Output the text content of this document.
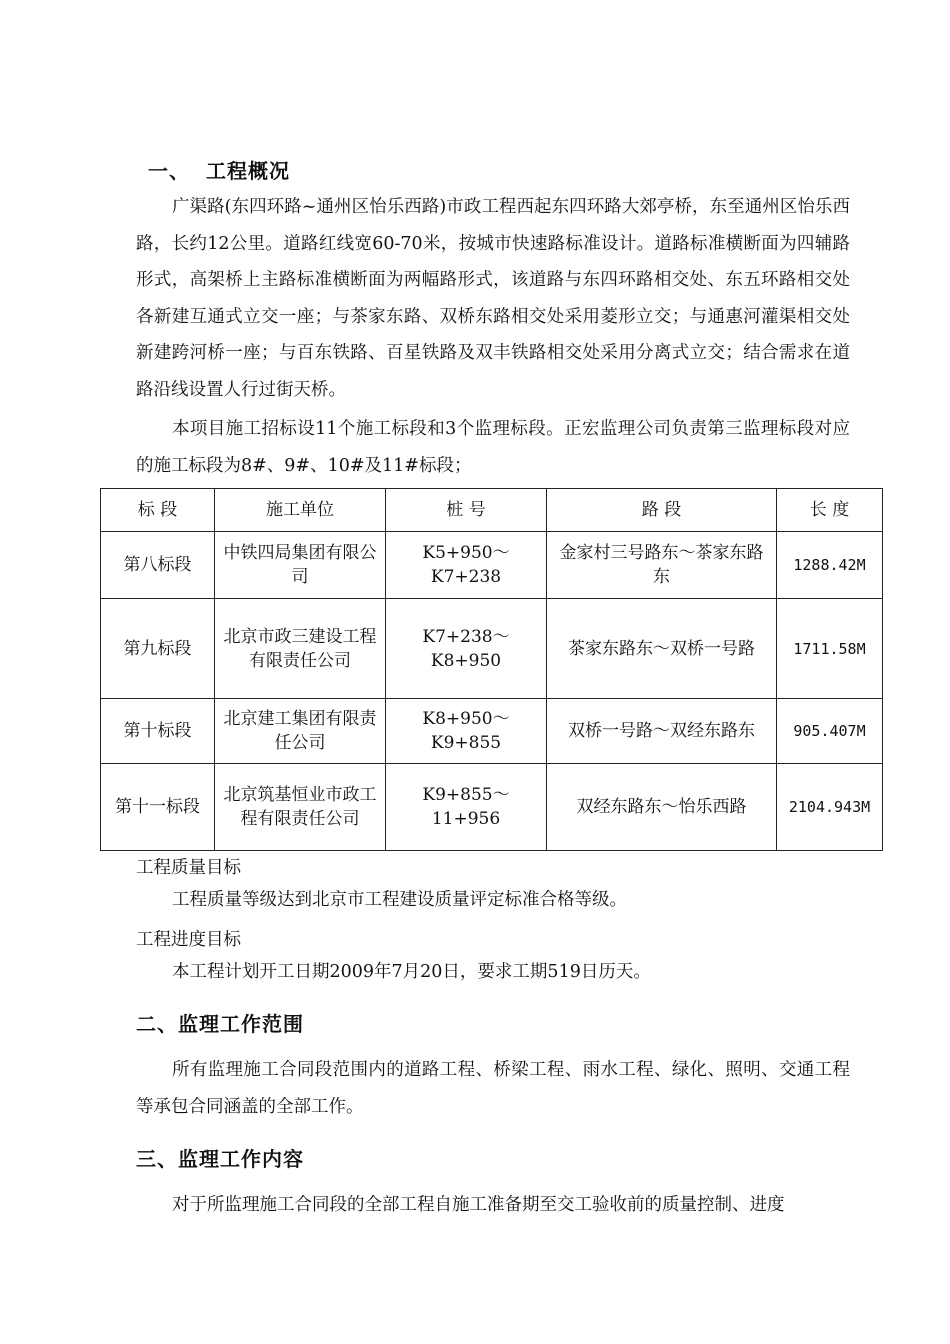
一、 工程概况
广渠路(东四环路~通州区怡乐西路)市政工程西起东四环路大郊亭桥，东至通州区怡乐西路，长约12公里。道路红线宽60-70米，按城市快速路标准设计。道路标准横断面为四辅路形式，高架桥上主路标准横断面为两幅路形式，该道路与东四环路相交处、东五环路相交处各新建互通式立交一座；与茶家东路、双桥东路相交处采用菱形立交；与通惠河灌渠相交处新建跨河桥一座；与百东铁路、百星铁路及双丰铁路相交处采用分离式立交；结合需求在道路沿线设置人行过街天桥。
本项目施工招标设11个施工标段和3个监理标段。正宏监理公司负责第三监理标段对应的施工标段为8#、9#、10#及11#标段；
标 段	施工单位	桩 号	路 段	长 度
第八标段	中铁四局集团有限公司	K5+950～K7+238	金家村三号路东～茶家东路东	1288.42M
第九标段	北京市政三建设工程有限责任公司	K7+238～K8+950	茶家东路东～双桥一号路	1711.58M
第十标段	北京建工集团有限责任公司	K8+950～K9+855	双桥一号路～双经东路东	905.407M
第十一标段	北京筑基恒业市政工程有限责任公司	K9+855～11+956	双经东路东～怡乐西路	2104.943M
工程质量目标
工程质量等级达到北京市工程建设质量评定标准合格等级。
工程进度目标
本工程计划开工日期2009年7月20日，要求工期519日历天。
二、监理工作范围
所有监理施工合同段范围内的道路工程、桥梁工程、雨水工程、绿化、照明、交通工程等承包合同涵盖的全部工作。
三、监理工作内容
对于所监理施工合同段的全部工程自施工准备期至交工验收前的质量控制、进度
